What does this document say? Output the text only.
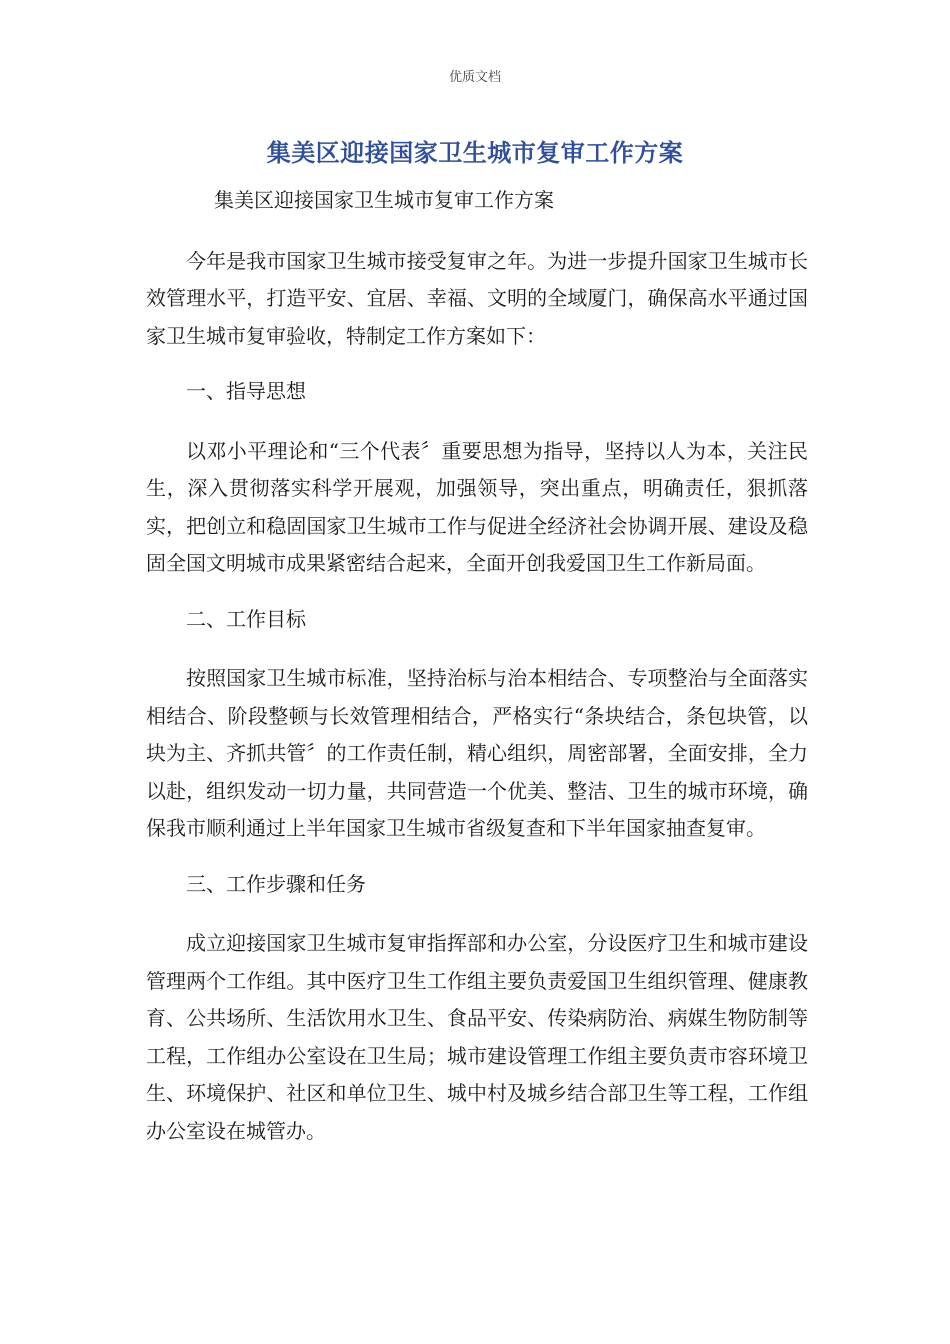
优质文档
集美区迎接国家卫生城市复审工作方案

集美区迎接国家卫生城市复审工作方案

今年是我市国家卫生城市接受复审之年。为进一步提升国家卫生城市长效管理水平，打造平安、宜居、幸福、文明的全域厦门，确保高水平通过国家卫生城市复审验收，特制定工作方案如下：

一、指导思想

以邓小平理论和“三个代表〞重要思想为指导，坚持以人为本，关注民生，深入贯彻落实科学开展观，加强领导，突出重点，明确责任，狠抓落实，把创立和稳固国家卫生城市工作与促进全经济社会协调开展、建设及稳固全国文明城市成果紧密结合起来，全面开创我爱国卫生工作新局面。

二、工作目标

按照国家卫生城市标准，坚持治标与治本相结合、专项整治与全面落实相结合、阶段整顿与长效管理相结合，严格实行“条块结合，条包块管，以块为主、齐抓共管〞的工作责任制，精心组织，周密部署，全面安排，全力以赴，组织发动一切力量，共同营造一个优美、整洁、卫生的城市环境，确保我市顺利通过上半年国家卫生城市省级复查和下半年国家抽查复审。

三、工作步骤和任务

成立迎接国家卫生城市复审指挥部和办公室，分设医疗卫生和城市建设管理两个工作组。其中医疗卫生工作组主要负责爱国卫生组织管理、健康教育、公共场所、生活饮用水卫生、食品平安、传染病防治、病媒生物防制等工程，工作组办公室设在卫生局；城市建设管理工作组主要负责市容环境卫生、环境保护、社区和单位卫生、城中村及城乡结合部卫生等工程，工作组办公室设在城管办。
